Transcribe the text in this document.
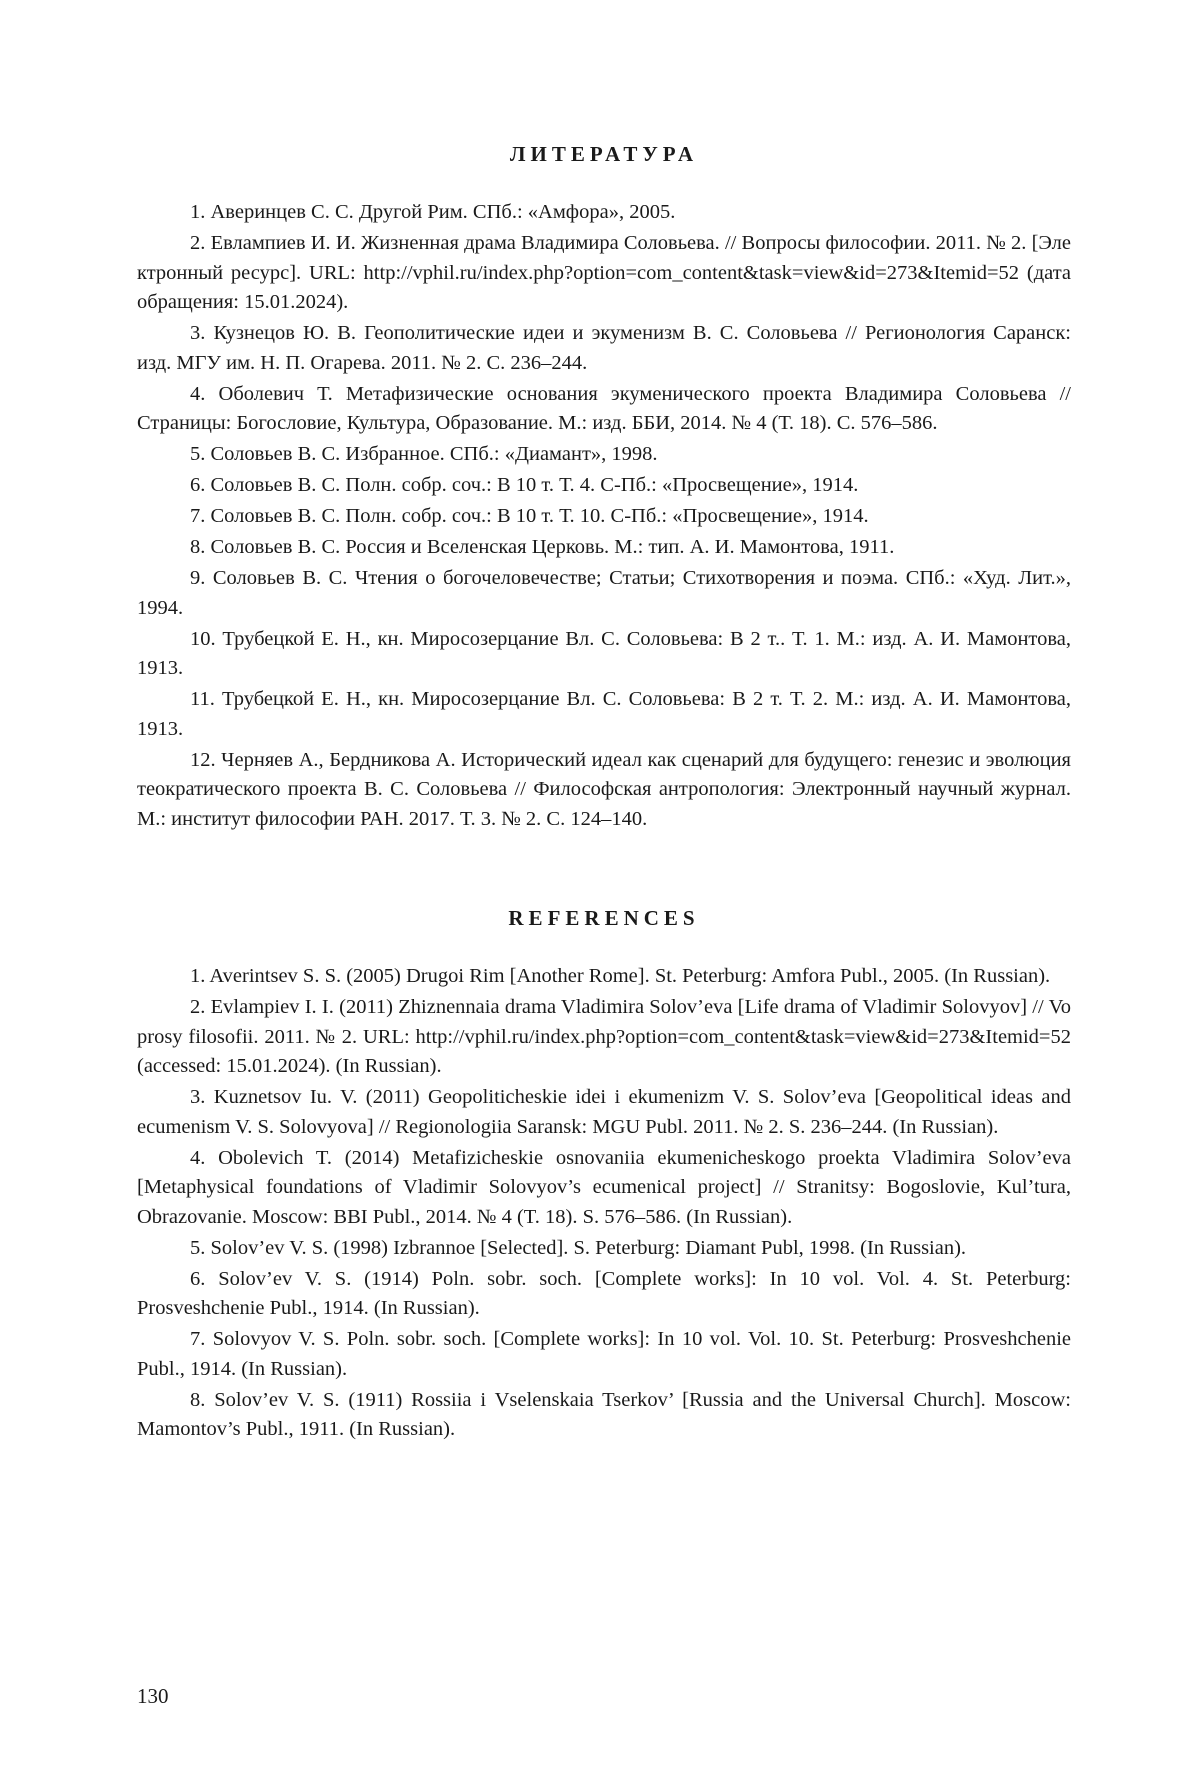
ЛИТЕРАТУРА
1. Аверинцев С. С. Другой Рим. СПб.: «Амфора», 2005.
2. Евлампиев И. И. Жизненная драма Владимира Соловьева. // Вопросы философии. 2011. № 2. [Электронный ресурс]. URL: http://vphil.ru/index.php?option=com_content&task=view&id=273&Itemid=52 (дата обращения: 15.01.2024).
3. Кузнецов Ю. В. Геополитические идеи и экуменизм В. С. Соловьева // Регионология Саранск: изд. МГУ им. Н. П. Огарева. 2011. № 2. С. 236–244.
4. Оболевич Т. Метафизические основания экуменического проекта Владимира Соловьева // Страницы: Богословие, Культура, Образование. М.: изд. ББИ, 2014. № 4 (Т. 18). С. 576–586.
5. Соловьев В. С. Избранное. СПб.: «Диамант», 1998.
6. Соловьев В. С. Полн. собр. соч.: В 10 т. Т. 4. С-Пб.: «Просвещение», 1914.
7. Соловьев В. С. Полн. собр. соч.: В 10 т. Т. 10. С-Пб.: «Просвещение», 1914.
8. Соловьев В. С. Россия и Вселенская Церковь. М.: тип. А. И. Мамонтова, 1911.
9. Соловьев В. С. Чтения о богочеловечестве; Статьи; Стихотворения и поэма. СПб.: «Худ. Лит.», 1994.
10. Трубецкой Е. Н., кн. Миросозерцание Вл. С. Соловьева: В 2 т.. Т. 1. М.: изд. А. И. Мамонтова, 1913.
11. Трубецкой Е. Н., кн. Миросозерцание Вл. С. Соловьева: В 2 т. Т. 2. М.: изд. А. И. Мамонтова, 1913.
12. Черняев А., Бердникова А. Исторический идеал как сценарий для будущего: генезис и эволюция теократического проекта В. С. Соловьева // Философская антропология: Электронный научный журнал. М.: институт философии РАН. 2017. Т. 3. № 2. С. 124–140.
REFERENCES
1. Averintsev S. S. (2005) Drugoi Rim [Another Rome]. St. Peterburg: Amfora Publ., 2005. (In Russian).
2. Evlampiev I. I. (2011) Zhiznennaia drama Vladimira Solov’eva [Life drama of Vladimir Solovyov] // Voprosy filosofii. 2011. № 2. URL: http://vphil.ru/index.php?option=com_content&task=view&id=273&Itemid=52 (accessed: 15.01.2024). (In Russian).
3. Kuznetsov Iu. V. (2011) Geopoliticheskie idei i ekumenizm V. S. Solov’eva [Geopolitical ideas and ecumenism V. S. Solovyova] // Regionologiia Saransk: MGU Publ. 2011. № 2. S. 236–244. (In Russian).
4. Obolevich T. (2014) Metafizicheskie osnovaniia ekumenicheskogo proekta Vladimira Solov’eva [Metaphysical foundations of Vladimir Solovyov’s ecumenical project] // Stranitsy: Bogoslovie, Kul’tura, Obrazovanie. Moscow: BBI Publ., 2014. № 4 (T. 18). S. 576–586. (In Russian).
5. Solov’ev V. S. (1998) Izbrannoe [Selected]. S. Peterburg: Diamant Publ, 1998. (In Russian).
6. Solov’ev V. S. (1914) Poln. sobr. soch. [Complete works]: In 10 vol. Vol. 4. St. Peterburg: Prosveshchenie Publ., 1914. (In Russian).
7. Solovyov V. S. Poln. sobr. soch. [Complete works]: In 10 vol. Vol. 10. St. Peterburg: Prosveshchenie Publ., 1914. (In Russian).
8. Solov’ev V. S. (1911) Rossiia i Vselenskaia Tserkov’ [Russia and the Universal Church]. Moscow: Mamontov’s Publ., 1911. (In Russian).
130
